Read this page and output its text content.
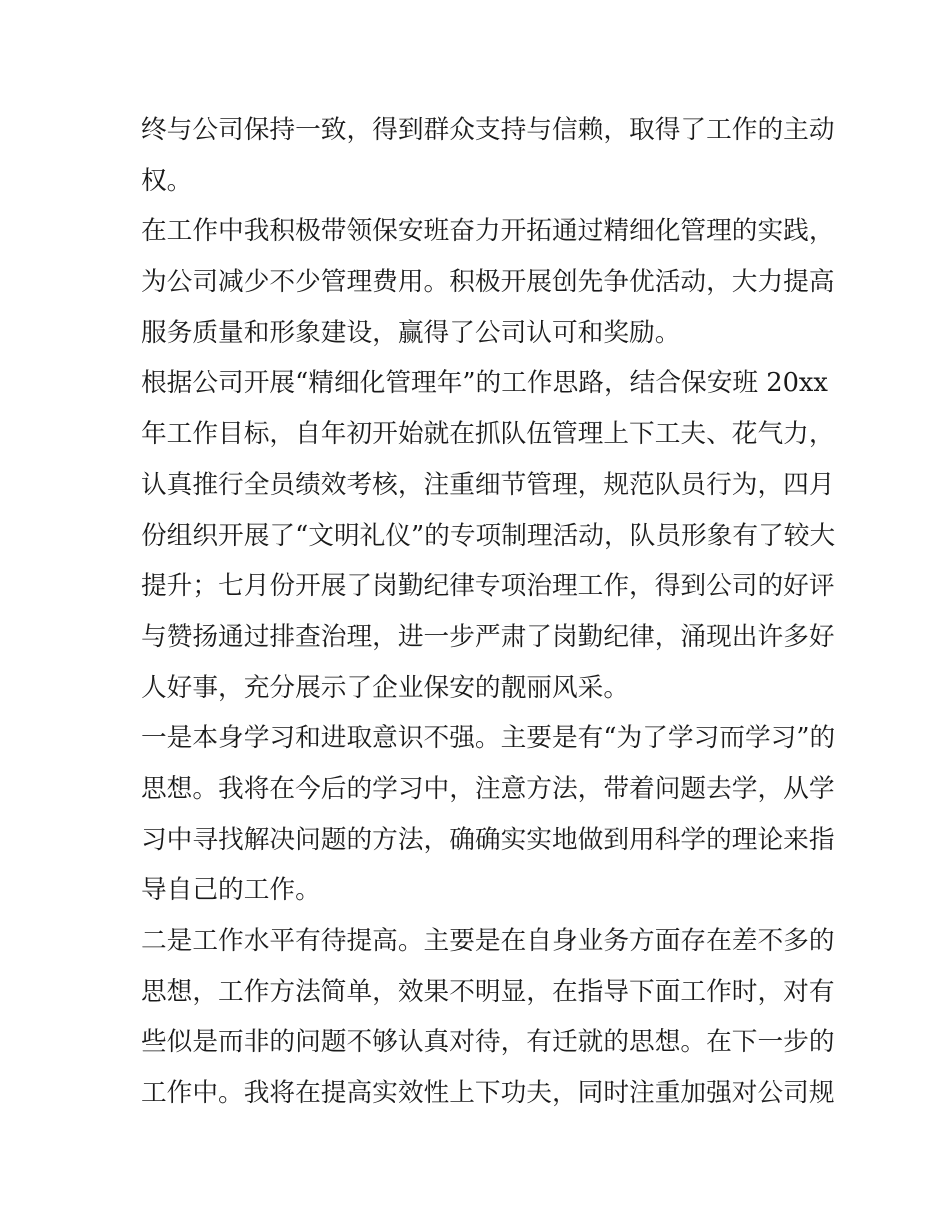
终与公司保持一致，得到群众支持与信赖，取得了工作的主动
权。
在工作中我积极带领保安班奋力开拓通过精细化管理的实践，
为公司减少不少管理费用。积极开展创先争优活动，大力提高
服务质量和形象建设，赢得了公司认可和奖励。
根据公司开展“精细化管理年”的工作思路，结合保安班 20xx
年工作目标，自年初开始就在抓队伍管理上下工夫、花气力，
认真推行全员绩效考核，注重细节管理，规范队员行为，四月
份组织开展了“文明礼仪”的专项制理活动，队员形象有了较大
提升；七月份开展了岗勤纪律专项治理工作，得到公司的好评
与赞扬通过排查治理，进一步严肃了岗勤纪律，涌现出许多好
人好事，充分展示了企业保安的靓丽风采。
一是本身学习和进取意识不强。主要是有“为了学习而学习”的
思想。我将在今后的学习中，注意方法，带着问题去学，从学
习中寻找解决问题的方法，确确实实地做到用科学的理论来指
导自己的工作。
二是工作水平有待提高。主要是在自身业务方面存在差不多的
思想，工作方法简单，效果不明显，在指导下面工作时，对有
些似是而非的问题不够认真对待，有迁就的思想。在下一步的
工作中。我将在提高实效性上下功夫，同时注重加强对公司规
